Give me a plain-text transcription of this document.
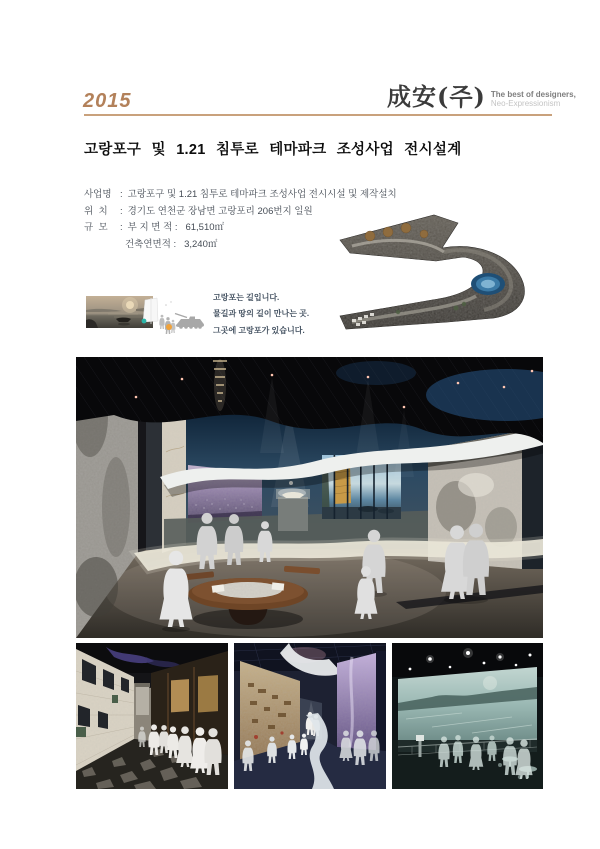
2015	成安(주) The best of designers,
Neo-Expressionism
고랑포구 및 1.21 침투로 테마파크 조성사업 전시설계
사업명 : 고랑포구 및 1.21 침투로 테마파크 조성사업 전시시설 및 제작설치
위  치	: 경기도 연천군 장남면 고랑포리 206번지 일원
규  모	: 부 지 면 적 :   61,510㎡
건축연면적 :   3,240㎡

고랑포는 길입니다.

물길과 땅의 길이 만나는 곳.

그곳에 고랑포가 있습니다.
